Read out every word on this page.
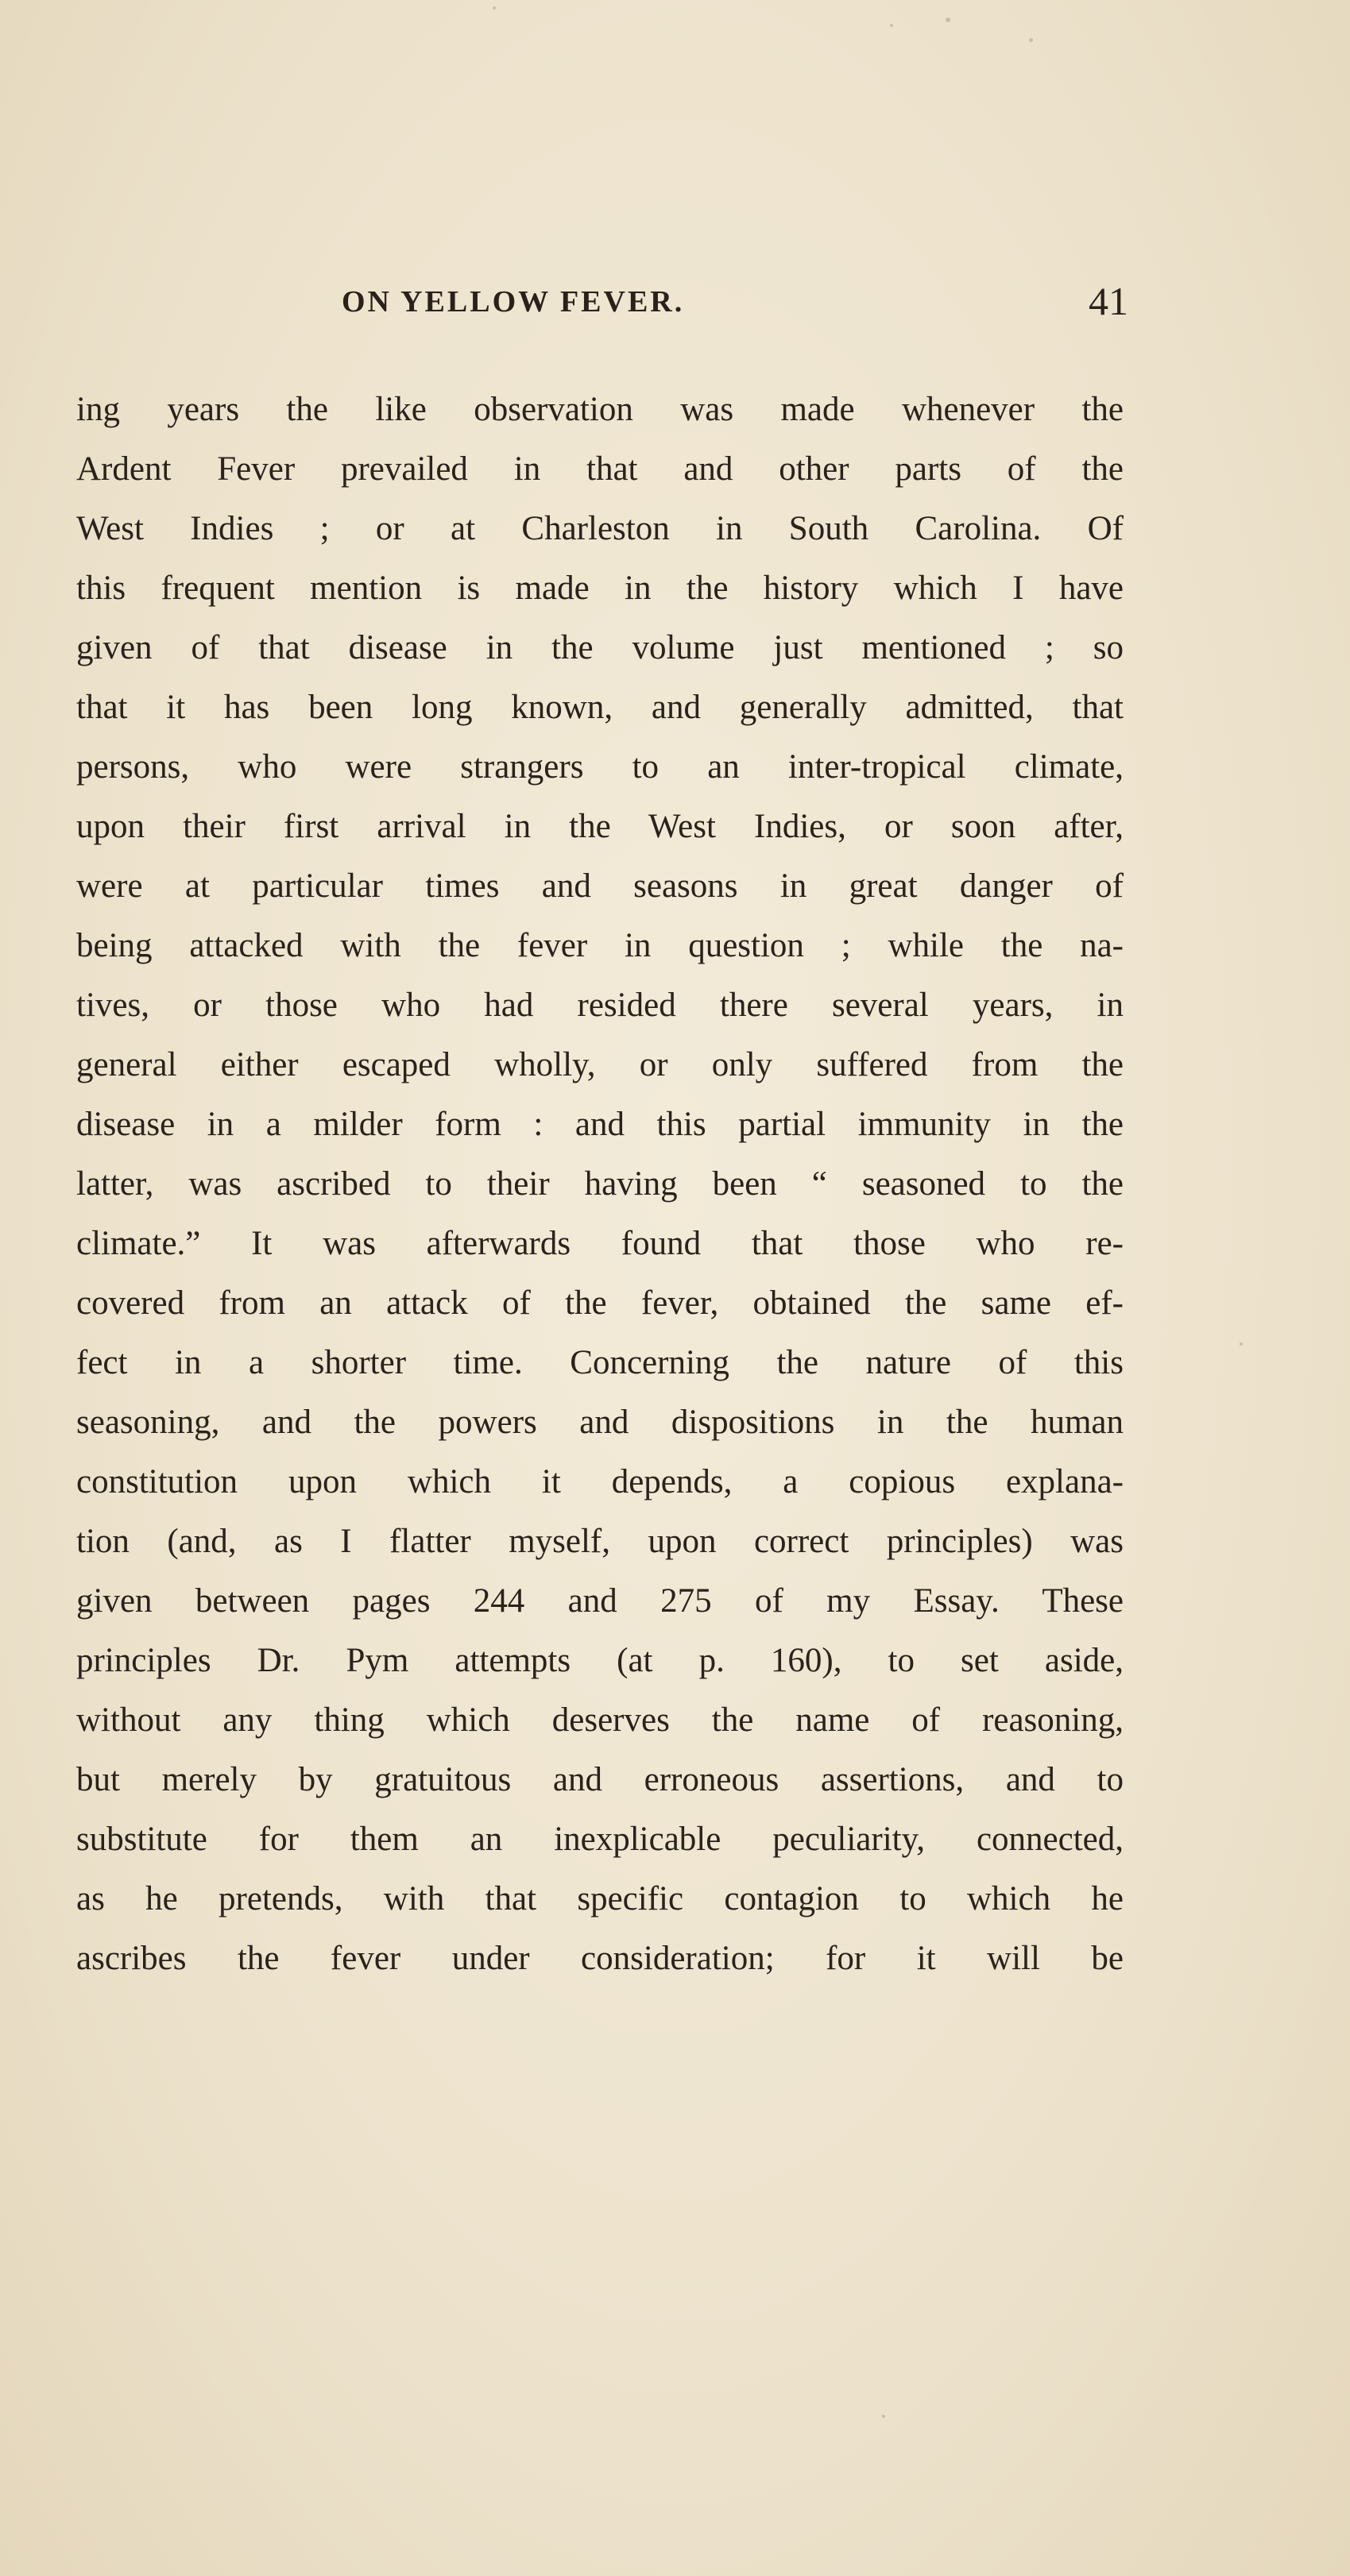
ON YELLOW FEVER.	41
ing years the like observation was made whenever the
Ardent Fever prevailed in that and other parts of the
West Indies ; or at Charleston in South Carolina. Of
this frequent mention is made in the history which I have
given of that disease in the volume just mentioned ; so
that it has been long known, and generally admitted, that
persons, who were strangers to an inter-tropical climate,
upon their first arrival in the West Indies, or soon after,
were at particular times and seasons in great danger of
being attacked with the fever in question ; while the na-
tives, or those who had resided there several years, in
general either escaped wholly, or only suffered from the
disease in a milder form : and this partial immunity in the
latter, was ascribed to their having been “ seasoned to the
climate.” It was afterwards found that those who re-
covered from an attack of the fever, obtained the same ef-
fect in a shorter time. Concerning the nature of this
seasoning, and the powers and dispositions in the human
constitution upon which it depends, a copious explana-
tion (and, as I flatter myself, upon correct principles) was
given between pages 244 and 275 of my Essay. These
principles Dr. Pym attempts (at p. 160), to set aside,
without any thing which deserves the name of reasoning,
but merely by gratuitous and erroneous assertions, and to
substitute for them an inexplicable peculiarity, connected,
as he pretends, with that specific contagion to which he
ascribes the fever under consideration; for it will be
